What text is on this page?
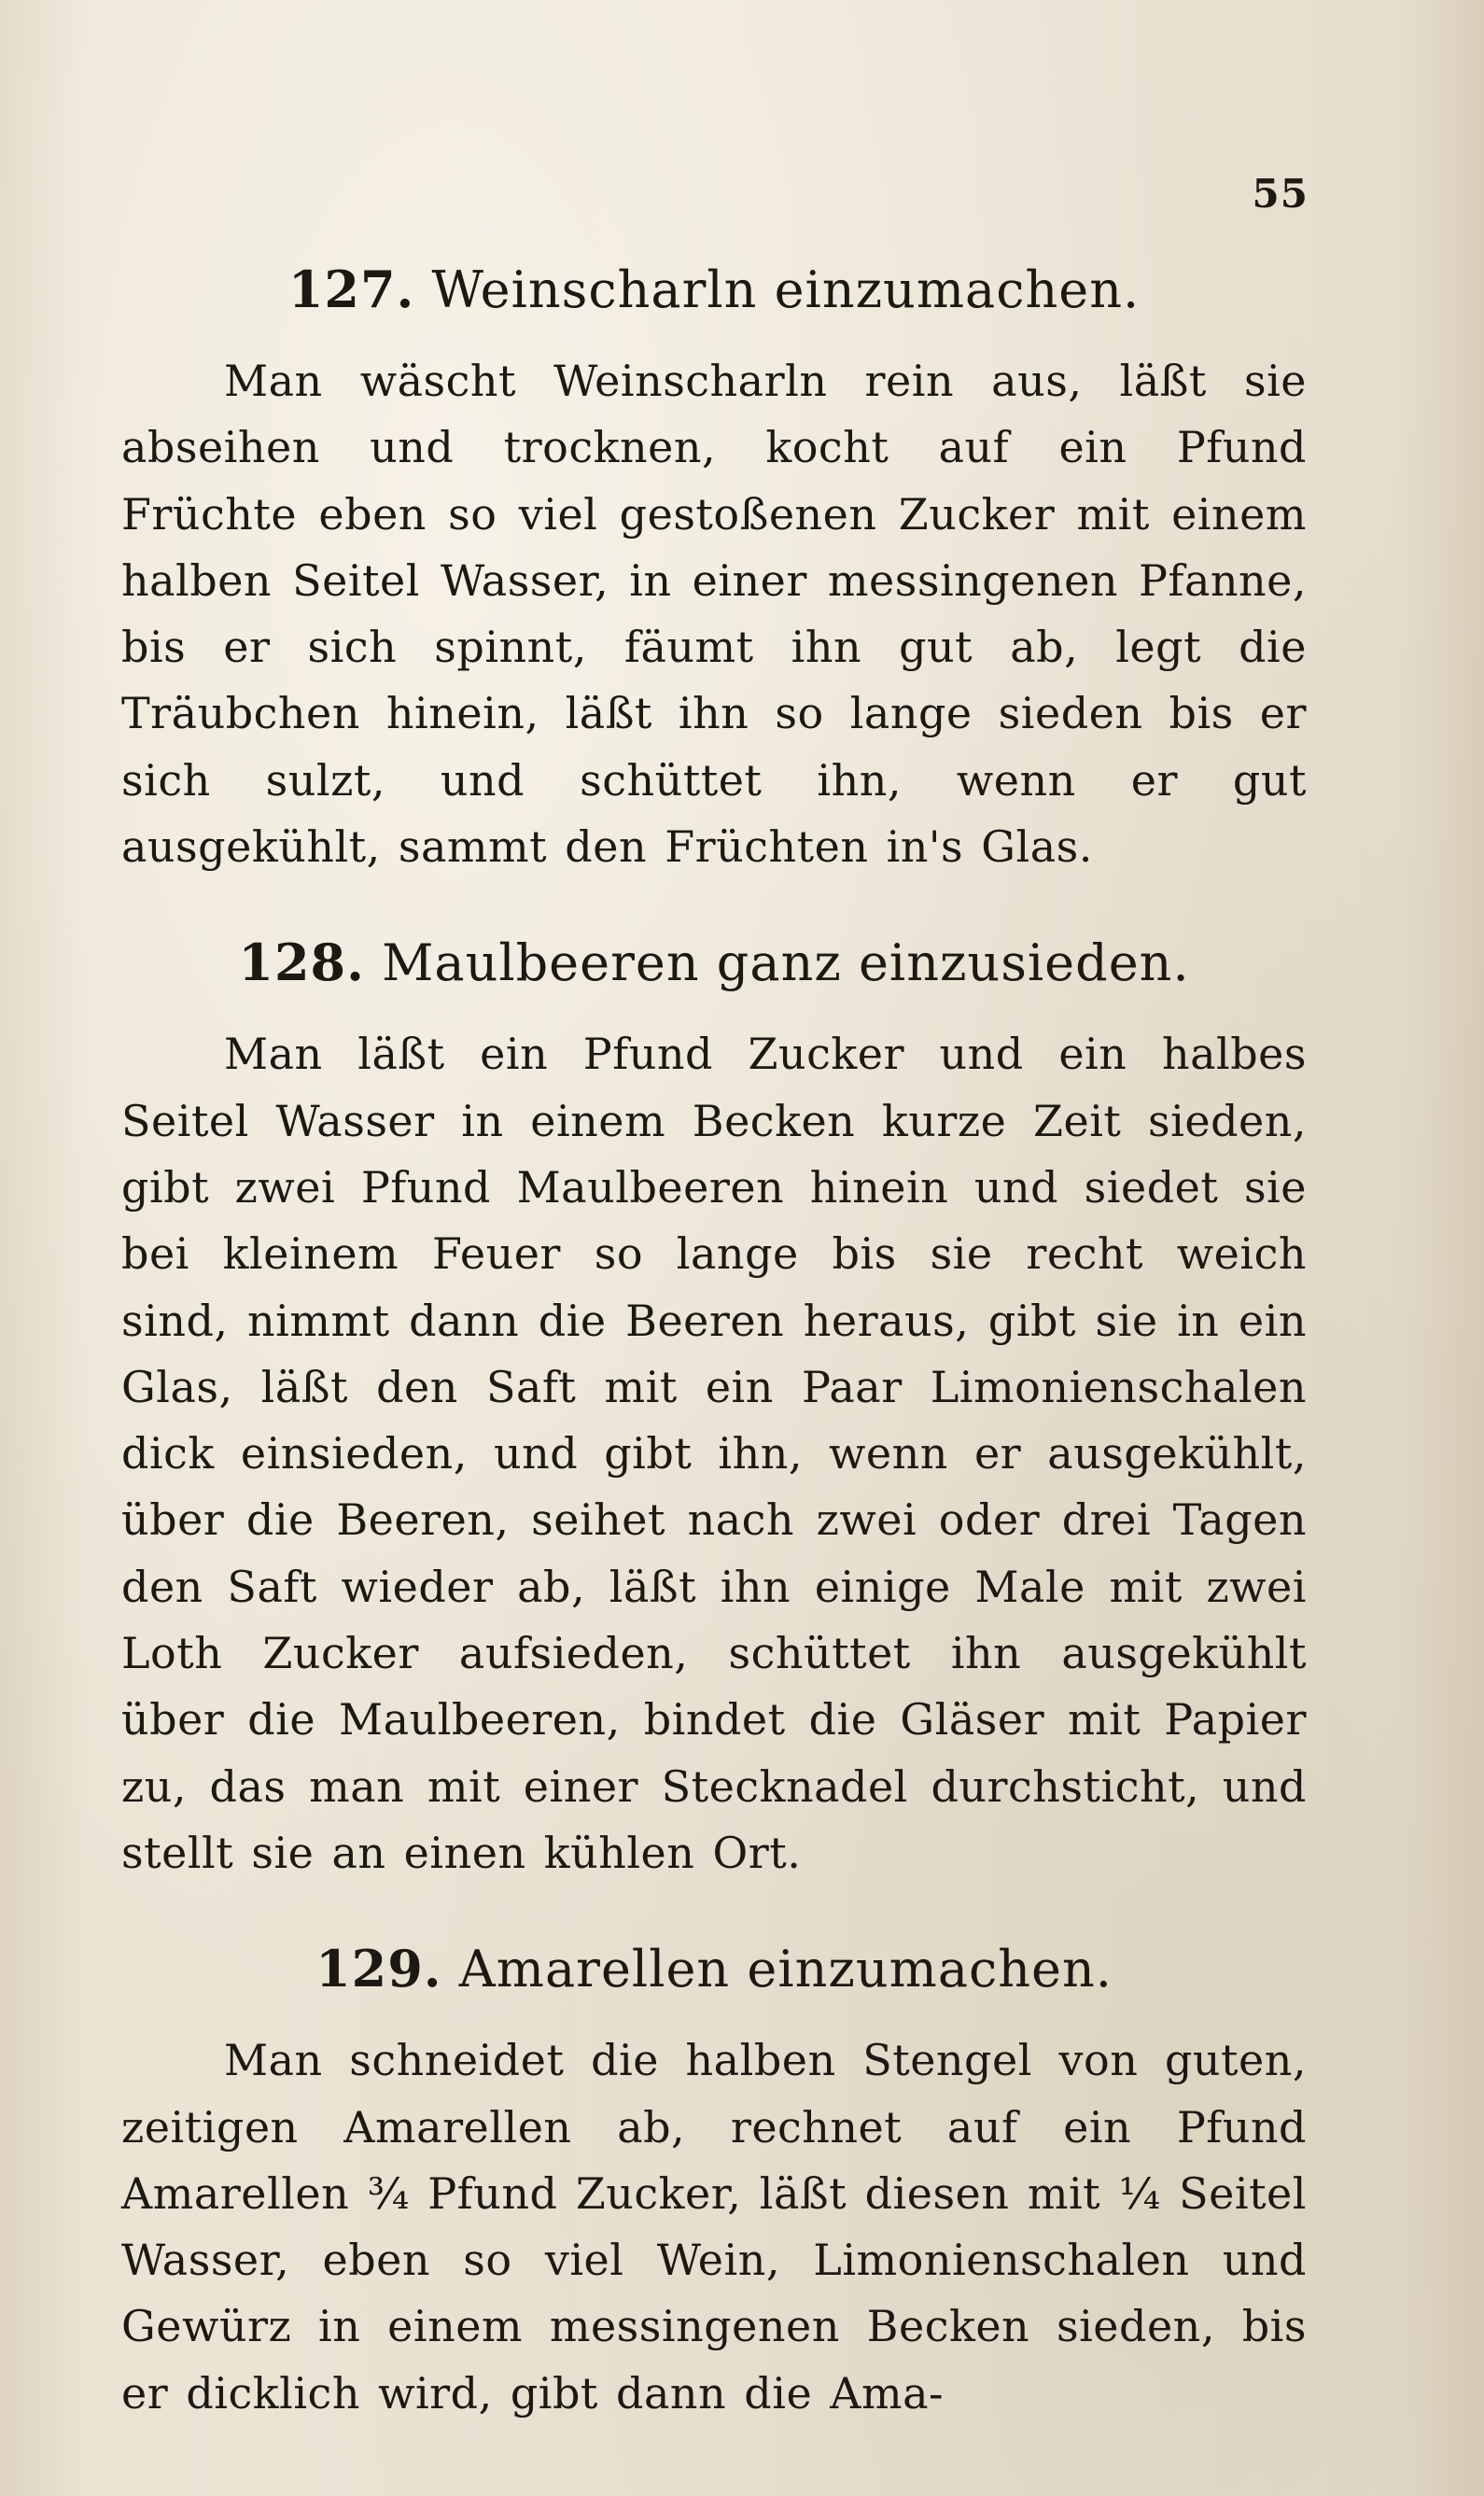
55
127. Weinscharln einzumachen.

Man wäscht Weinscharln rein aus, läßt sie abseihen und trocknen, kocht auf ein Pfund Früchte eben so viel gestoßenen Zucker mit einem halben Seitel Wasser, in einer messingenen Pfanne, bis er sich spinnt, fäumt ihn gut ab, legt die Träubchen hinein, läßt ihn so lange sieden bis er sich sulzt, und schüttet ihn, wenn er gut ausgekühlt, sammt den Früchten in's Glas.

128. Maulbeeren ganz einzusieden.

Man läßt ein Pfund Zucker und ein halbes Seitel Wasser in einem Becken kurze Zeit sieden, gibt zwei Pfund Maulbeeren hinein und siedet sie bei kleinem Feuer so lange bis sie recht weich sind, nimmt dann die Beeren heraus, gibt sie in ein Glas, läßt den Saft mit ein Paar Limonienschalen dick einsieden, und gibt ihn, wenn er ausgekühlt, über die Beeren, seihet nach zwei oder drei Tagen den Saft wieder ab, läßt ihn einige Male mit zwei Loth Zucker aufsieden, schüttet ihn ausgekühlt über die Maulbeeren, bindet die Gläser mit Papier zu, das man mit einer Stecknadel durchsticht, und stellt sie an einen kühlen Ort.

129. Amarellen einzumachen.

Man schneidet die halben Stengel von guten, zeitigen Amarellen ab, rechnet auf ein Pfund Amarellen ¾ Pfund Zucker, läßt diesen mit ¼ Seitel Wasser, eben so viel Wein, Limonienschalen und Gewürz in einem messingenen Becken sieden, bis er dicklich wird, gibt dann die Ama-
